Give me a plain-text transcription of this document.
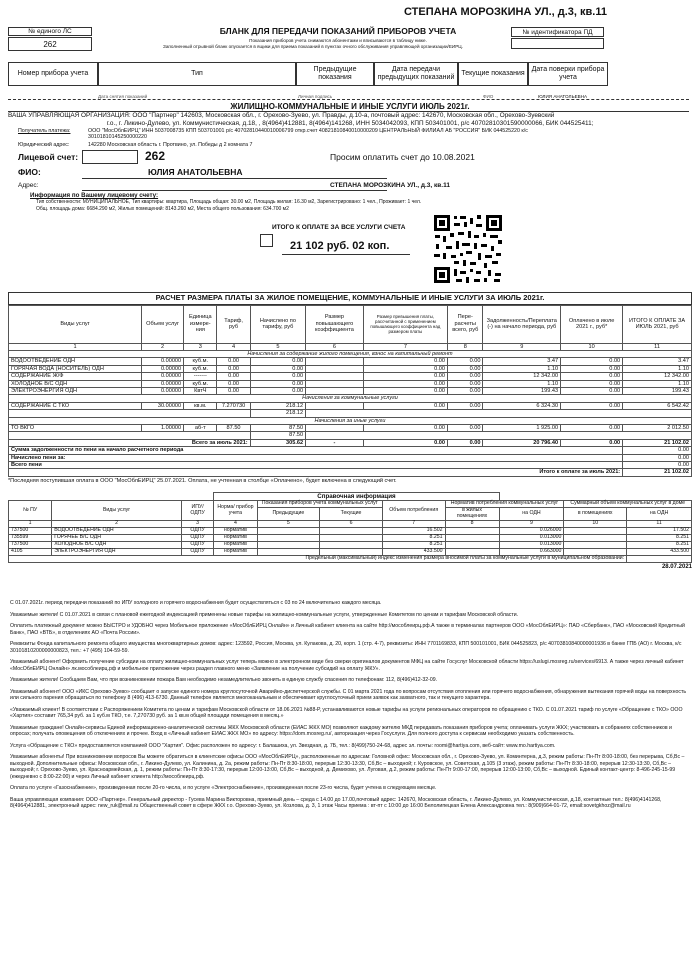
СТЕПАНА МОРОЗКИНА УЛ., д.3, кв.11
№ единого ЛС
262
БЛАНК ДЛЯ ПЕРЕДАЧИ ПОКАЗАНИЙ ПРИБОРОВ УЧЕТА
Показания приборов учета снимаются абонентами и вписываются в таблицу ниже.
Заполненный отрывной бланк опускается в ящики для приема показаний в пунктах очного обслуживания управляющей организации/ЕИРЦ.
№ идентификатора ПД
Номер прибора учета	Тип
Предыдущие показания
Дата передачи предыдущих показаний
Текущие показания
Дата поверки прибора учета
Дата снятия показаний	Личная подпись	ФИО	ЮЛИЯ АНАТОЛЬЕВНА
ЖИЛИЩНО-КОММУНАЛЬНЫЕ И ИНЫЕ УСЛУГИ ИЮЛЬ 2021г.
ВАША УПРАВЛЯЮЩАЯ ОРГАНИЗАЦИЯ: ООО "Партнер" 142603, Московская обл., г. Орехово-Зуево, ул. Правды, д.10-а, почтовый адрес: 142670, Московская обл., Орехово-Зуевский
г.о., г. Ликино-Дулево, ул. Коммунистическая, д.18, , 8(4964)412881, 8(4964)141268, ИНН 5034042093, КПП 503401001, р/с 40702810301590000066, БИК 044525411;
Получатель платежа:	ООО "МосОблЕИРЦ" ИНН 5037008735 КПП 503701001 р/с 40702810440010006799 откр.счет 40821810840010000209 ЦЕНТРАЛЬНЫЙ ФИЛИАЛ АБ "РОССИЯ" БИК 044525220 к/с 30101810145250000220
Юридический адрес:	142280 Московская область г. Протвино, ул. Победы д 2 комната 7
Лицевой счет:	262	Просим оплатить счет до 10.08.2021
ФИО:	ЮЛИЯ АНАТОЛЬЕВНА
Адрес:	СТЕПАНА МОРОЗКИНА УЛ., д.3, кв.11
Информация по Вашему лицевому счету:
Тип собственности: МУНИЦИПАЛЬНОЕ, Тип квартиры: квартира, Площадь общая: 30.00 м2, Площадь жилая: 16.30 м2, Зарегистрировано: 1 чел., Проживает: 1 чел.
Общ. площадь дома: 6684.290 м2, Жилых помещений: 8143.260 м2, Места общего пользования: 634.700 м2
ИТОГО К ОПЛАТЕ ЗА ВСЕ УСЛУГИ СЧЕТА
21 102 руб. 02 коп.
РАСЧЕТ РАЗМЕРА ПЛАТЫ ЗА ЖИЛОЕ ПОМЕЩЕНИЕ, КОММУНАЛЬНЫЕ И ИНЫЕ УСЛУГИ ЗА ИЮЛЬ 2021г.
Виды услуг	Объем услуг	Единица измере-ния	Тариф, руб	Начислено по тарифу, руб	Размер повышающего коэффициента	Размер превышения платы, рассчитанной с применением повышающего коэффициента над размером платы	Пере-расчеты всего, руб	Задолженность/Переплата (-) на начало периода, руб	Оплачено в июле 2021 г., руб*	ИТОГО К ОПЛАТЕ ЗА ИЮЛЬ 2021, руб
1	2	3	4	5	6	7	8	9	10	11
Начисления за содержание жилого помещения, взнос на капитальный ремонт										
ВОДООТВЕДЕНИЕ ОДН	0.00000	куб.м.	0.00	0.00		0.00	0.00	3.47	0.00	3.47
ГОРЯЧАЯ ВОДА (НОСИТЕЛЬ) ОДН	0.00000	куб.м.	0.00	0.00		0.00	0.00	1.10	0.00	1.10
СОДЕРЖАНИЕ Ж/Ф	0.00000	-------	0.00	0.00		0.00	0.00	12 342.00	0.00	12 342.00
ХОЛОДНОЕ В/С ОДН	0.00000	куб.м.	0.00	0.00		0.00	0.00	1.10	0.00	1.10
ЭЛЕКТРОЭНЕРГИЯ ОДН	0.00000	КвтЧ	0.00	0.00		0.00	0.00	199.43	0.00	199.43
Начисления за коммунальные услуги										
СОДЕРЖАНИЕ С ТКО	30.00000	кв.м.	7.270730	218.12		0.00	0.00	6 324.30	0.00	6 542.42
				218.12						
Начисления за иные услуги										
ТО ВКГО	1.00000	аб-т	87.50	87.50		0.00	0.00	1 925.00	0.00	2 012.50
				87.50						
Всего за июль 2021:				305.62	-	0.00	0.00	20 796.40	0.00	21 102.02
Сумма задолженности по пени на начало расчетного периода										0.00
Начислено пени за:										0.00
Всего пени										0.00
Итого к оплате за июль 2021:										21 102.02
*Последняя поступившая оплата в ООО "МосОблЕИРЦ" 25.07.2021. Оплата, не учтенная в столбце «Оплачено», будет включена в следующий счет.
			Справочная информация							
№ ПУ	Виды услуг	ИПУ/ ОДПУ	Норма/ прибор учета	Показания приборов учета коммунальных услуг		Объем потребления	Норматив потребления коммунальных услуг		Суммарный объем коммунальных услуг в доме	
				Предыдущие	Текущие		в жилых помещениях	на ОДН	в помещениях	на ОДН
1	2	3	4	5	6	7	8	9	10	11
737500	ВОДООТВЕДЕНИЕ ОДН	ОДПУ	норматив			16.502		0.026000		17.502
735599	ГОРЯЧЕЕ В/С ОДН	ОДПУ	норматив			8.251		0.013000		8.251
737500	ХОЛОДНОЕ В/С ОДН	ОДПУ	норматив			8.251		0.013000		8.251
4105	ЭЛЕКТРОЭНЕРГИЯ ОДН	ОДПУ	норматив			433.500		0.663000		433.500
Предельный (максимальный) индекс изменения размера вносимой платы за коммунальные услуги в муниципальном образовании:										
28.07.2021

С 01.07.2021г. период передачи показаний по ИПУ холодного и горячего водоснабжения будет осуществляться с 03 по 24 включительно каждого месяца.

Уважаемые жители! С 01.07.2021 в связи с плановой ежегодной индексацией применены новые тарифы на жилищно-коммунальные услуги, утвержденные Комитетом по ценам и тарифам Московской области.

Оплатить платежный документ можно БЫСТРО и УДОБНО через Мобильное приложение «МосОблЕИРЦ Онлайн» и Личный кабинет клиента на сайте http://мособлеирц.рф.А также в терминалах партнеров ООО «МосОблЕИРЦ»: ПАО «Сбербанк», ПАО «Московский Кредитный Банк», ПАО «ВТБ», в отделениях АО «Почта России».

Реквизиты Фонда капитального ремонта общего имущества многоквартирных домов: адрес: 123592, Россия, Москва, ул. Кулакова, д. 20, корп. 1 (стр. 4-7), реквизиты: ИНН 7701169833, КПП 500101001, БИК 044525823, р/с 40703810840000001936 в банке ГПБ (АО) г. Москва, к/с 30101810200000000823, тел.: +7 (495) 104-59-59.

Уважаемый абонент! Оформить получение субсидии на оплату жилищно-коммунальных услуг теперь можно в электронном виде без сверки оригиналов документов МФЦ на сайте Госуслуг Московской области https://uslugi.mosreg.ru/services/6913. А также через личный кабинет «МосОблЕИРЦ Онлайн» лк.мособлеирц.рф и мобильное приложение через раздел главного меню «Заявление на получение субсидий на оплату ЖКУ».

Уважаемые жители! Сообщаем Вам, что при возникновении пожара Вам необходимо незамедлительно звонить в единую службу спасения по телефонам: 112, 8(496)412-32-09.

Уважаемый абонент! ООО «ИКС Орехово-Зуево» сообщает о запуске единого номера круглосуточной Аварийно-диспетчерской службы. С 01 марта 2021 года по вопросам отсутствия отопления или горячего водоснабжения, обнаружения вытекания горячей воды на поверхность или сильного парения обращаться по телефону 8 (496) 413-6730. Данный телефон является многоканальным и обеспечивает круглосуточный прием заявок как захватного, так и текущего характера.

«Уважаемый клиент! В соответствии с Распоряжением Комитета по ценам и тарифам Московской области от 18.06.2021 №88-Р, устанавливаются новые тарифы на услуги региональных операторов по обращению с ТКО. С 01.07.2021 тариф по услуге «Обращение с ТКО» ООО «Хартия» составит 765,34 руб. за 1 куб.м ТКО, т.е. 7,270730 руб. за 1 кв.м общей площади помещения в месяц.»

Уважаемые граждане! Онлайн-сервисы Единой информационно-аналитической системы ЖКХ Московской области (ЕИАС ЖКХ МО) позволяют каждому жителю МКД передавать показания приборов учета; оплачивать услуги ЖКХ; участвовать в собраниях собственников и опросах; получать оповещения об отключениях и прочее. Вход в «Личный кабинет ЕИАС ЖКХ МО» по адресу: https://dom.mosreg.ru/, авторизация через Госуслуги. Для полного доступа к сервисам необходимо указать собственность.

Услуга «Обращение с ТКО» предоставляется компанией ООО "Хартия". Офис расположен по адресу: г. Балашиха, ул. Звездная, д. 7Б, тел.: 8(499)750-24-68, адрес эл. почты: roomi@hartiya.com, веб-сайт: www.mo.hartiya.com.

Уважаемые абоненты! При возникновении вопросов Вы можете обратиться в клиентские офисы ООО «МосОблЕИРЦ», расположенные по адресам: Головной офис: Московская обл., г. Орехово-Зуево, ул. Коминтерна, д.3, режим работы: Пн-Пт 8:00-18:00, без перерыва, Сб,Вс – выходной. Дополнительные офисы: Московская обл., г. Ликино-Дулево, ул. Калинина, д. 2а, режим работы: Пн-Пт 8:30-18:00, перерыв 12:30-13:30, Сб,Вс – выходной; г. Куровское, ул. Советская, д.105 (3 этаж), режим работы: Пн-Пт 8:30-18:00, перерыв 12:30-13:30, Сб,Вс – выходной; г. Орехово-Зуево, ул. Красноармейская, д. 1, режим работы: Пн-Пт 8:30-17:30, перерыв 12:00-13:00, Сб,Вс – выходной, д. Демихово, ул. Луговая, д.2, режим работы: Пн-Пт 9:00-17:00, перерыв 12:00-13:00, Сб,Вс – выходной. Единый контакт-центр: 8-496-245-15-99 (ежедневно с 8:00-22:00) и через Личный кабинет клиента http://мособлеирц.рф.

Оплата по услуге «Газоснабжение», произведенная после 20-го числа, и по услуге «Электроснабжение», произведенная после 23-го числа, будет учтена в следующем месяце.

Ваша управляющая компания: ООО «Партнер». Генеральный директор - Гусева Марина Викторовна, приемный день – среда с 14.00 до 17.00,почтовый адрес: 142670, Московская область, г. Ликино-Дулево, ул. Коммунистическая, д.18, контактные тел.: 8(496)4141268, 8(4964)412881, электронный адрес: new_ruk@mail.ru Общественный совет в сфере ЖКХ г.о. Орехово-Зуево, ул. Козлова, д. 3, 1 этаж Часы приема : вт-пт с 10:00 до 16:00 Белолипецкая Елена Александровна тел.: 8(909)664-01-72, email:sovetgkhoz@mail.ru
